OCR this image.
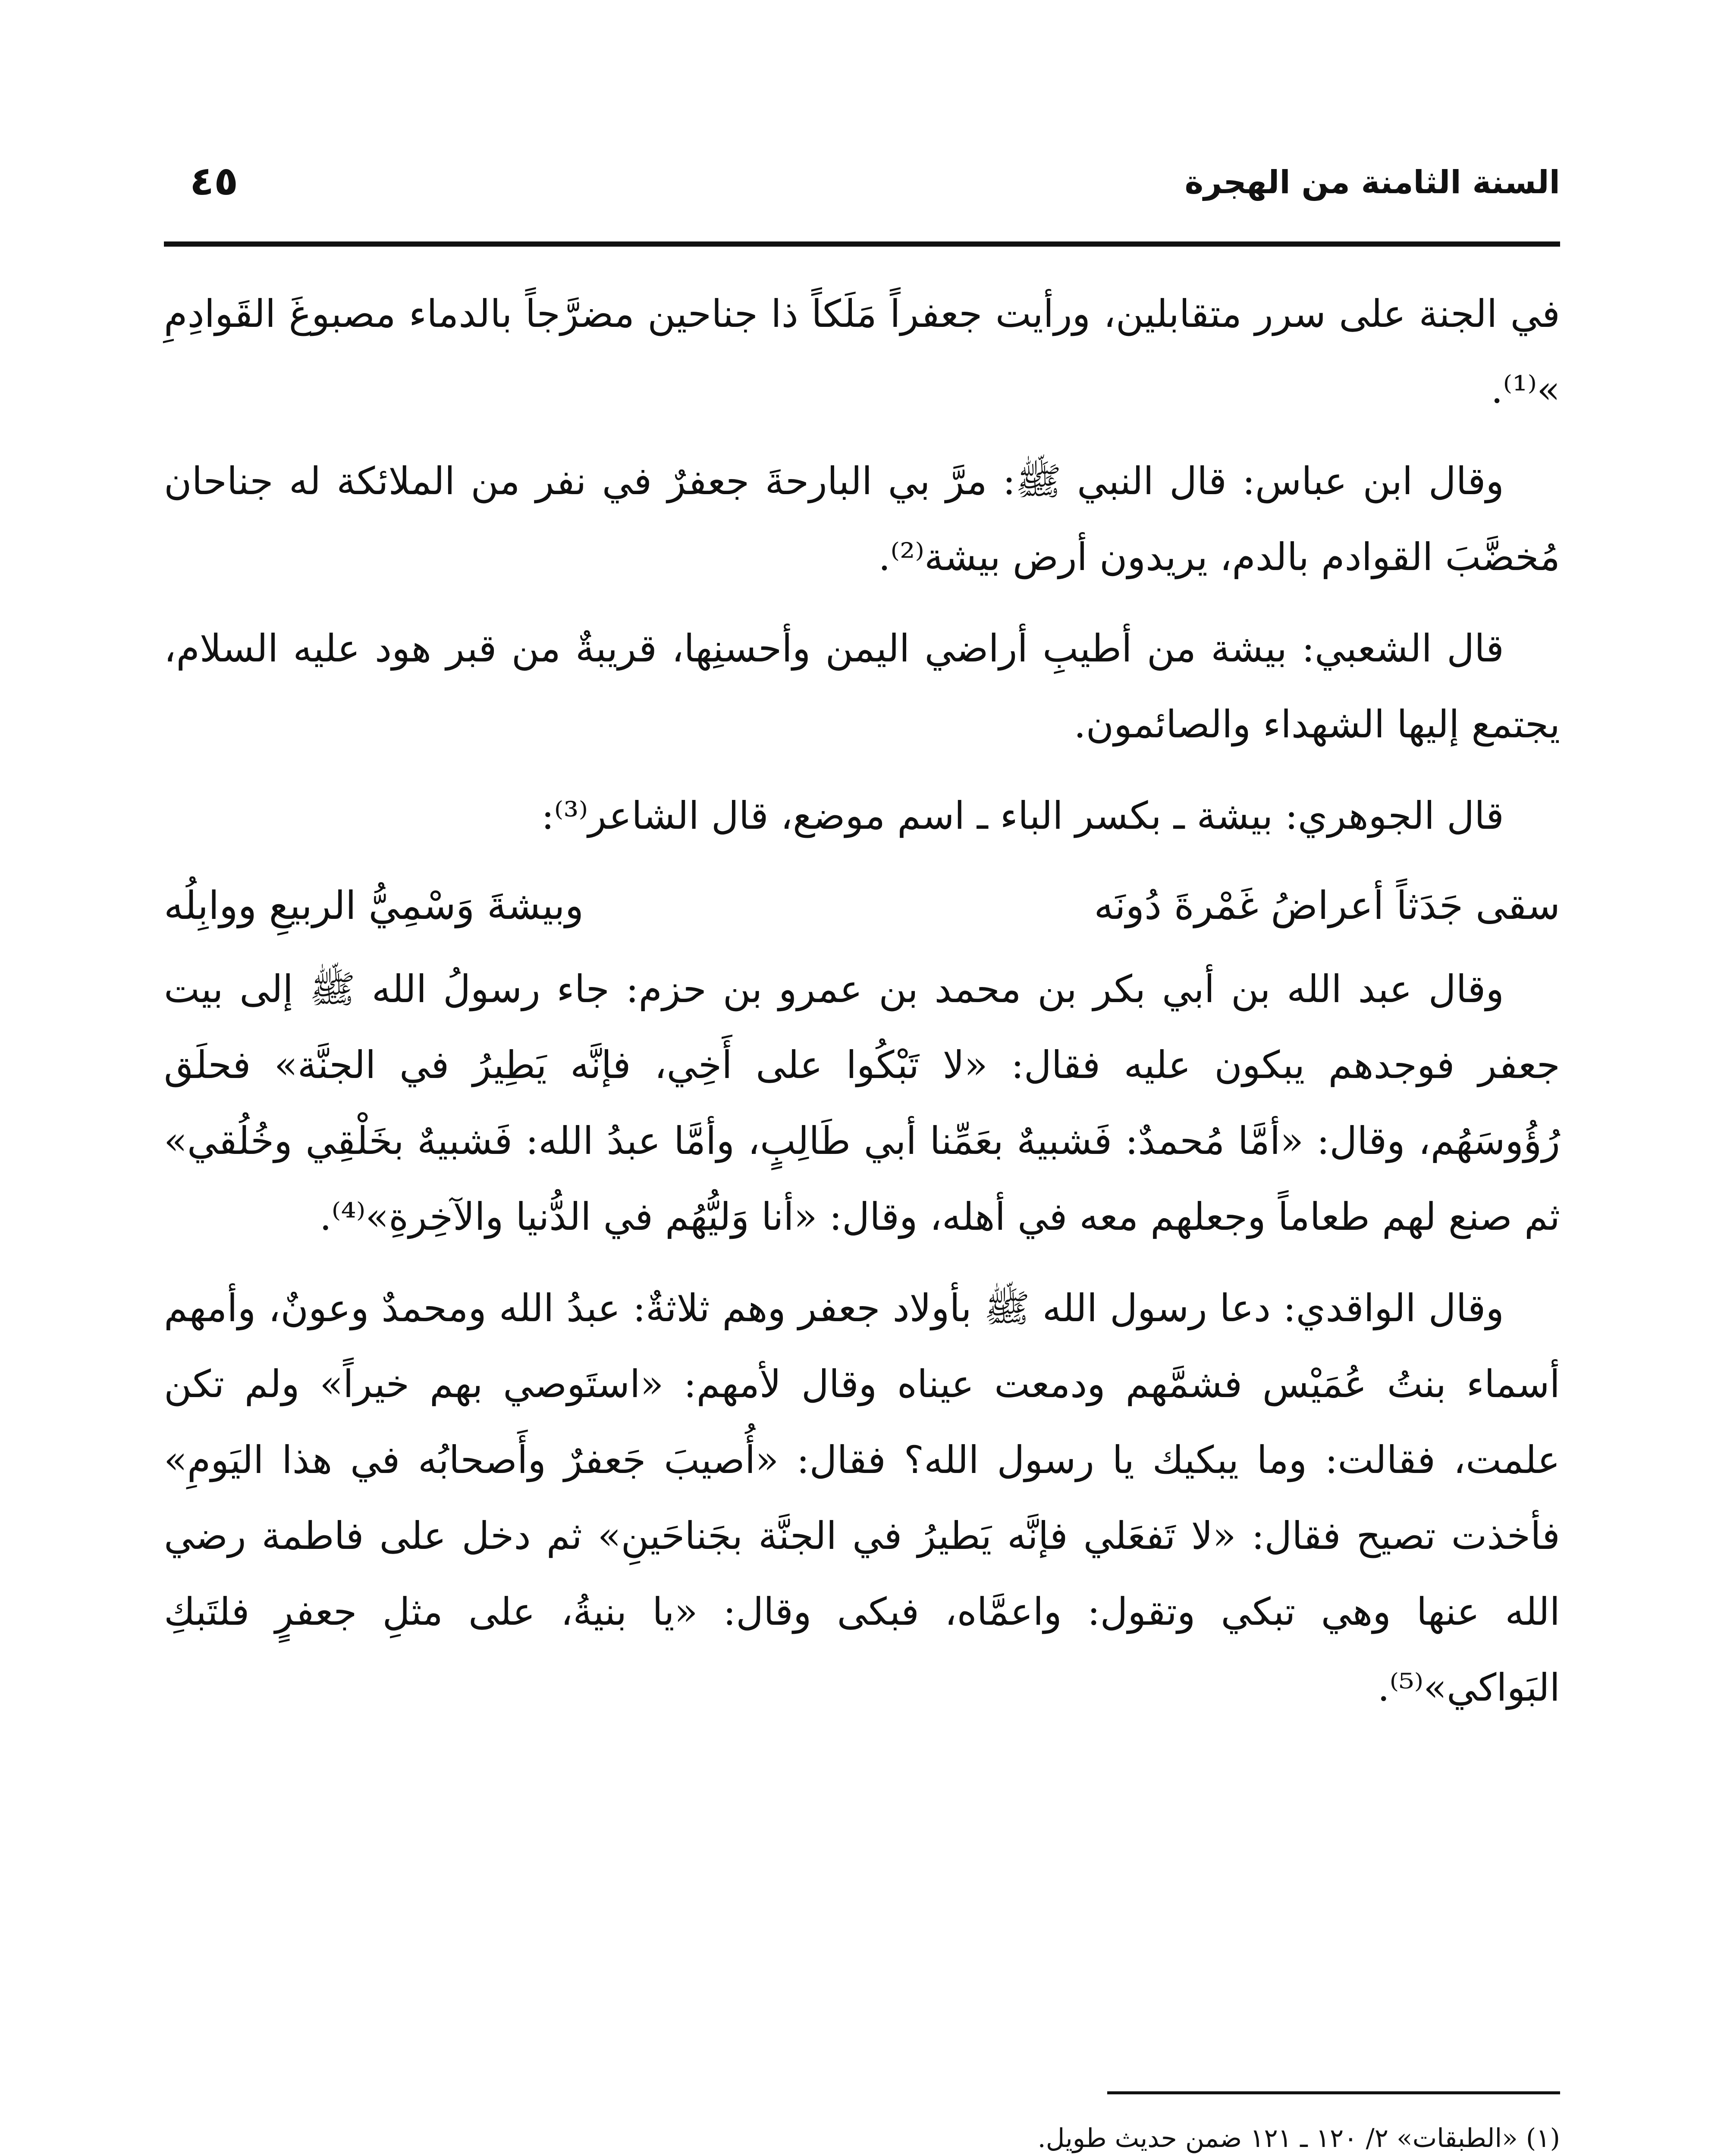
السنة الثامنة من الهجرة
٤٥

في الجنة على سرر متقابلين، ورأيت جعفراً مَلَكاً ذا جناحين مضرَّجاً بالدماء مصبوغَ القَوادِمِ »⁽¹⁾.

وقال ابن عباس: قال النبي ﷺ: مرَّ بي البارحةَ جعفرٌ في نفر من الملائكة له جناحان مُخضَّبَ القوادم بالدم، يريدون أرض بيشة⁽²⁾.

قال الشعبي: بيشة من أطيبِ أراضي اليمن وأحسنِها، قريبةٌ من قبر هود عليه السلام، يجتمع إليها الشهداء والصائمون.

قال الجوهري: بيشة ـ بكسر الباء ـ اسم موضع، قال الشاعر⁽³⁾:

سقى جَدَثاً أعراضُ غَمْرةَ دُونَه
وبيشةَ وَسْمِيُّ الربيعِ ووابِلُه

وقال عبد الله بن أبي بكر بن محمد بن عمرو بن حزم: جاء رسولُ الله ﷺ إلى بيت جعفر فوجدهم يبكون عليه فقال: «لا تَبْكُوا على أَخِي، فإنَّه يَطِيرُ في الجنَّة» فحلَق رُؤُوسَهُم، وقال: «أمَّا مُحمدٌ: فَشبيهٌ بعَمِّنا أبي طَالِبٍ، وأمَّا عبدُ الله: فَشبيهٌ بخَلْقِي وخُلُقي» ثم صنع لهم طعاماً وجعلهم معه في أهله، وقال: «أنا وَليُّهُم في الدُّنيا والآخِرةِ»⁽⁴⁾.

وقال الواقدي: دعا رسول الله ﷺ بأولاد جعفر وهم ثلاثةٌ: عبدُ الله ومحمدٌ وعونٌ، وأمهم أسماء بنتُ عُمَيْس فشمَّهم ودمعت عيناه وقال لأمهم: «استَوصي بهم خيراً» ولم تكن علمت، فقالت: وما يبكيك يا رسول الله؟ فقال: «أُصيبَ جَعفرٌ وأَصحابُه في هذا اليَومِ» فأخذت تصيح فقال: «لا تَفعَلي فإنَّه يَطيرُ في الجنَّة بجَناحَينِ» ثم دخل على فاطمة رضي الله عنها وهي تبكي وتقول: واعمَّاه، فبكى وقال: «يا بنيةُ، على مثلِ جعفرٍ فلتَبكِ البَواكي»⁽⁵⁾.

(١) «الطبقات» ٢/ ١٢٠ ـ ١٢١ ضمن حديث طويل.
